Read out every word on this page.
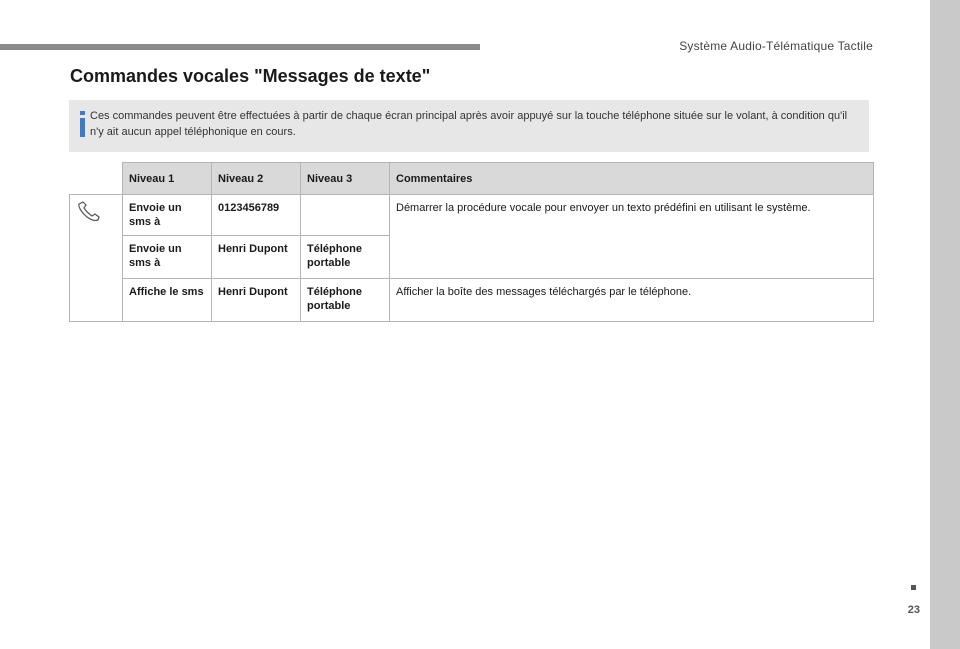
Système Audio-Télématique Tactile
Commandes vocales "Messages de texte"
Ces commandes peuvent être effectuées à partir de chaque écran principal après avoir appuyé sur la touche téléphone située sur le volant, à condition qu'il n'y ait aucun appel téléphonique en cours.
	Niveau 1	Niveau 2	Niveau 3	Commentaires
	Envoie un sms à	0123456789		Démarrer la procédure vocale pour envoyer un texto prédéfini en utilisant le système.
	Envoie un sms à	Henri Dupont	Téléphone portable	
	Affiche le sms	Henri Dupont	Téléphone portable	Afficher la boîte des messages téléchargés par le téléphone.
23
